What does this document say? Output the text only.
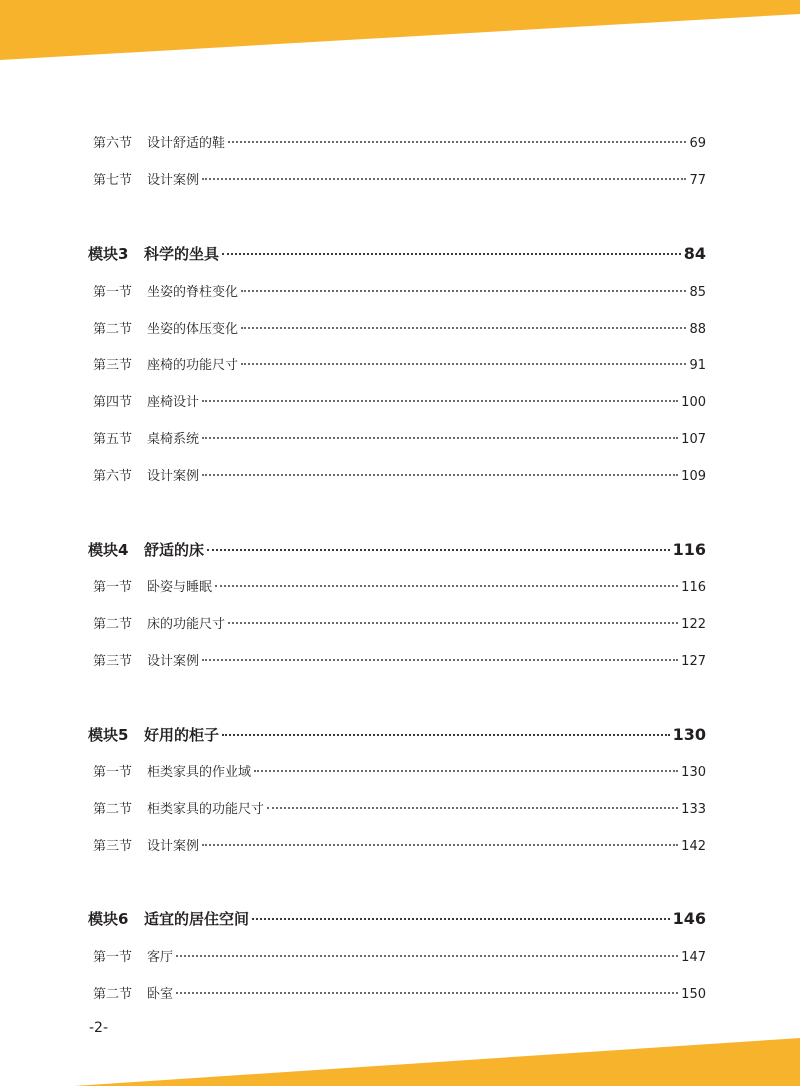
第六节	设计舒适的鞋	69
第七节	设计案例	77
模块3	科学的坐具	84
第一节	坐姿的脊柱变化	85
第二节	坐姿的体压变化	88
第三节	座椅的功能尺寸	91
第四节	座椅设计	100
第五节	桌椅系统	107
第六节	设计案例	109
模块4	舒适的床	116
第一节	卧姿与睡眠	116
第二节	床的功能尺寸	122
第三节	设计案例	127
模块5	好用的柜子	130
第一节	柜类家具的作业域	130
第二节	柜类家具的功能尺寸	133
第三节	设计案例	142
模块6	适宜的居住空间	146
第一节	客厅	147
第二节	卧室	150
-2-
